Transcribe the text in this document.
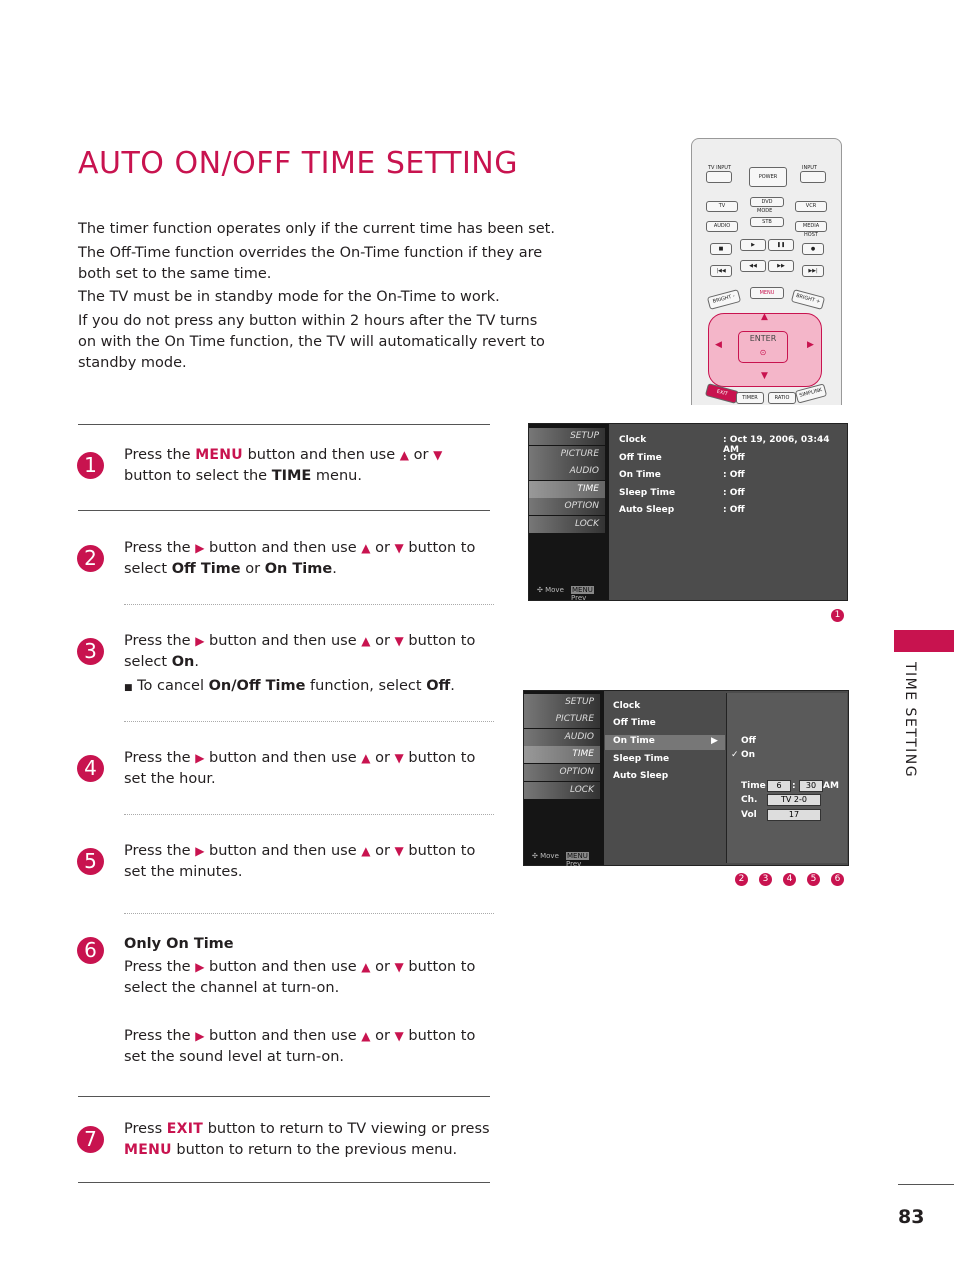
AUTO ON/OFF TIME SETTING
The timer function operates only if the current time has been set.
The Off-Time function overrides the On-Time function if they are both set to the same time.
The TV must be in standby mode for the On-Time to work.
If you do not press any button within 2 hours after the TV turns on with the On Time function, the TV will automatically revert to standby mode.
1	Press the MENU button and then use ▲ or ▼ button to select the TIME menu.
2	Press the ▶ button and then use ▲ or ▼ button to select Off Time or On Time.
3	Press the ▶ button and then use ▲ or ▼ button to select On.
■ To cancel On/Off Time function, select Off.
4	Press the ▶ button and then use ▲ or ▼ button to set the hour.
5	Press the ▶ button and then use ▲ or ▼ button to set the minutes.
6	Only On Time
Press the ▶ button and then use ▲ or ▼ button to select the channel at turn-on.
Press the ▶ button and then use ▲ or ▼ button to set the sound level at turn-on.
7	Press EXIT button to return to TV viewing or press MENU button to return to the previous menu.
TIME SETTING
83
TV INPUT	INPUT
POWER
TV
DVD
MODE
VCR
AUDIO
STB
MEDIA HOST
■
▶	❚❚
●
|◀◀
◀◀	▶▶
▶▶|
BRIGHT -
MENU	BRIGHT +
▲
▼
◀	▶
ENTER
⊙
EXIT
TIMER	RATIO	SIMPLINK
SETUP
PICTURE
AUDIO
TIME
OPTION
LOCK
✣ Move MENU Prev
Clock	: Oct 19, 2006, 03:44 AM
Off Time	: Off
On Time	: Off
Sleep Time	: Off
Auto Sleep	: Off
1
SETUP
PICTURE
AUDIO
TIME
OPTION
LOCK
✣ Move MENU Prev
Clock
Off Time
On Time	▶
Sleep Time
Auto Sleep
Off
✓ On
Time	6	:	30 AM
Ch.	TV 2-0
Vol	17
2	3	4	5	6
